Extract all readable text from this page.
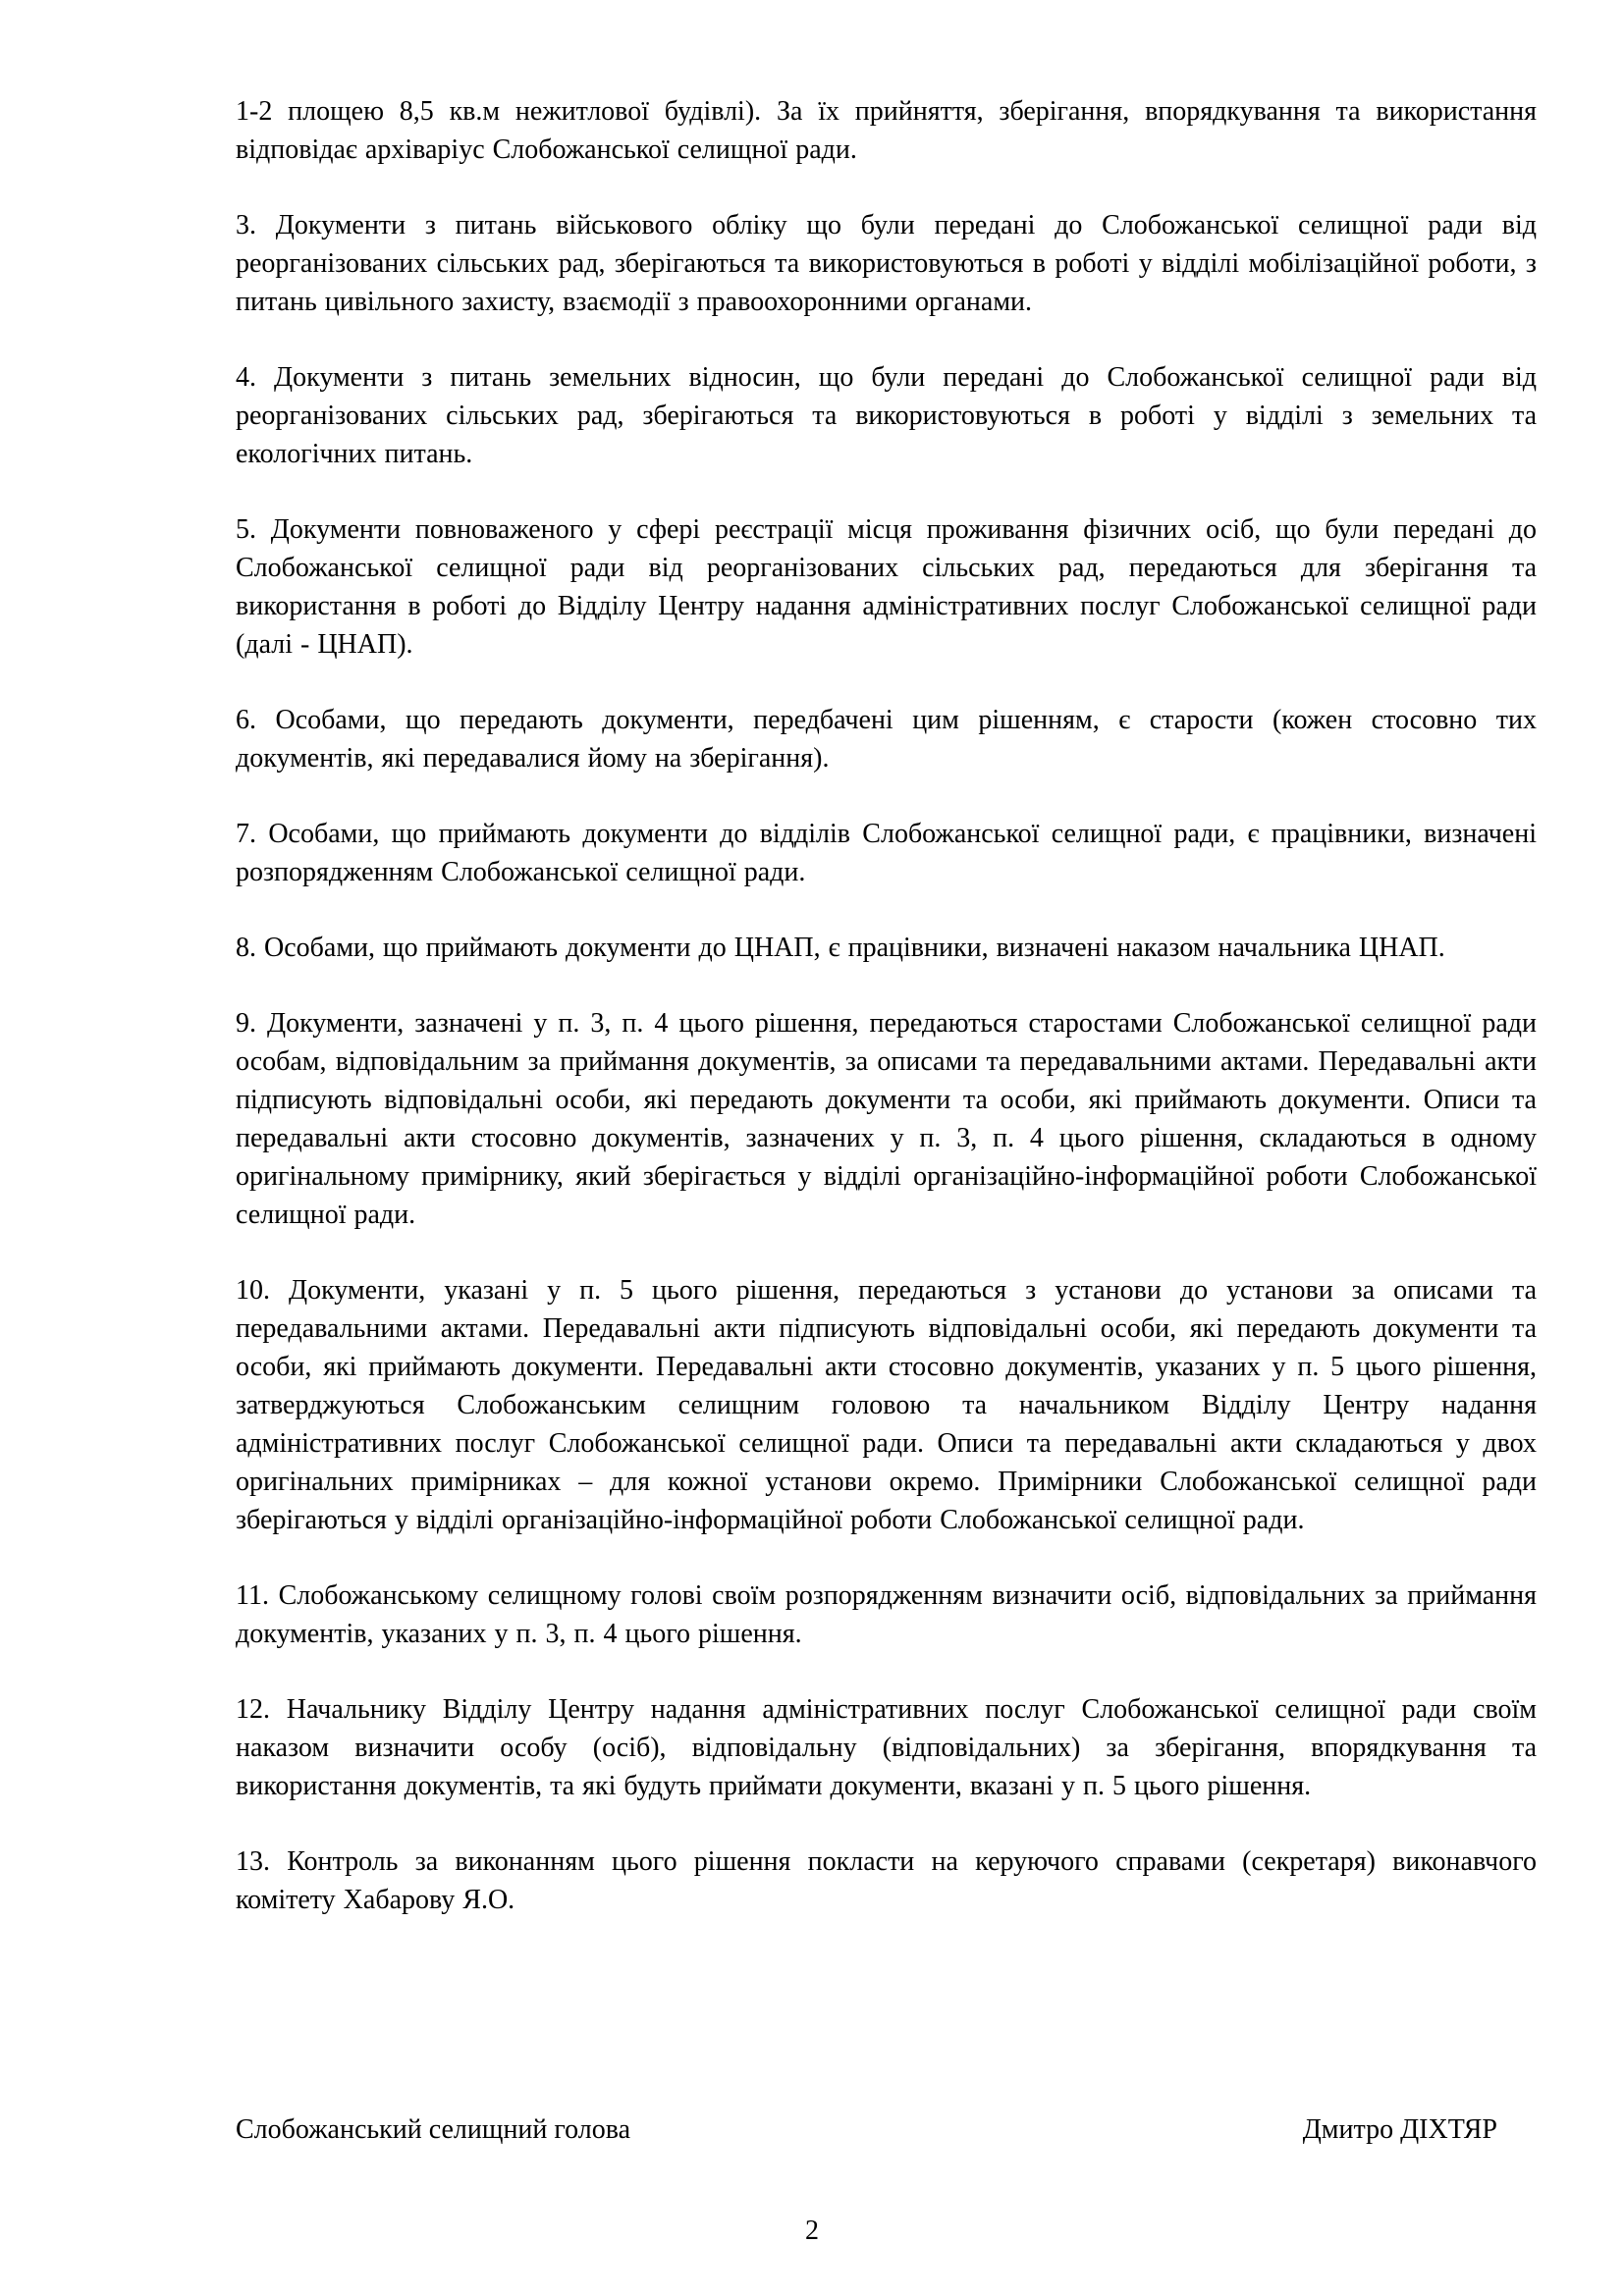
1-2 площею 8,5 кв.м нежитлової будівлі). За їх прийняття, зберігання, впорядкування та використання відповідає архіваріус Слобожанської селищної ради.

3. Документи з питань військового обліку що були передані до Слобожанської селищної ради від реорганізованих сільських рад, зберігаються та використовуються в роботі у відділі мобілізаційної роботи, з питань цивільного захисту, взаємодії з правоохоронними органами.

4. Документи з питань земельних відносин, що були передані до Слобожанської селищної ради від реорганізованих сільських рад, зберігаються та використовуються в роботі у відділі з земельних та екологічних питань.

5. Документи повноваженого у сфері реєстрації місця проживання фізичних осіб, що були передані до Слобожанської селищної ради від реорганізованих сільських рад, передаються для зберігання та використання в роботі до Відділу Центру надання адміністративних послуг Слобожанської селищної ради (далі - ЦНАП).

6. Особами, що передають документи, передбачені цим рішенням, є старости (кожен стосовно тих документів, які передавалися йому на зберігання).

7. Особами, що приймають документи до відділів Слобожанської селищної ради, є працівники, визначені розпорядженням Слобожанської селищної ради.

8. Особами, що приймають документи до ЦНАП, є працівники, визначені наказом начальника ЦНАП.

9. Документи, зазначені у п. 3, п. 4 цього рішення, передаються старостами Слобожанської селищної ради особам, відповідальним за приймання документів, за описами та передавальними актами. Передавальні акти підписують відповідальні особи, які передають документи та особи, які приймають документи. Описи та передавальні акти стосовно документів, зазначених у п. 3, п. 4 цього рішення, складаються в одному оригінальному примірнику, який зберігається у відділі організаційно-інформаційної роботи Слобожанської селищної ради.

10. Документи, указані у п. 5 цього рішення, передаються з установи до установи за описами та передавальними актами. Передавальні акти підписують відповідальні особи, які передають документи та особи, які приймають документи. Передавальні акти стосовно документів, указаних у п. 5 цього рішення, затверджуються Слобожанським селищним головою та начальником Відділу Центру надання адміністративних послуг Слобожанської селищної ради. Описи та передавальні акти складаються у двох оригінальних примірниках – для кожної установи окремо. Примірники Слобожанської селищної ради зберігаються у відділі організаційно-інформаційної роботи Слобожанської селищної ради.

11. Слобожанському селищному голові своїм розпорядженням визначити осіб, відповідальних за приймання документів, указаних у п. 3, п. 4 цього рішення.

12. Начальнику Відділу Центру надання адміністративних послуг Слобожанської селищної ради своїм наказом визначити особу (осіб), відповідальну (відповідальних) за зберігання, впорядкування та використання документів, та які будуть приймати документи, вказані у п. 5 цього рішення.

13. Контроль за виконанням цього рішення покласти на керуючого справами (секретаря) виконавчого комітету Хабарову Я.О.

Слобожанський селищний голова	Дмитро ДІХТЯР
2
